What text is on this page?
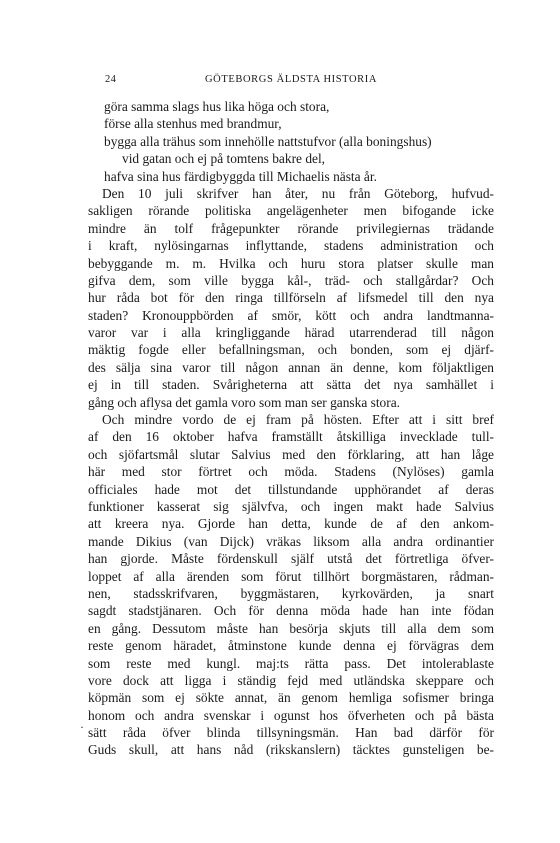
24	GÖTEBORGS ÄLDSTA HISTORIA
göra samma slags hus lika höga och stora,
förse alla stenhus med brandmur,
bygga alla trähus som innehölle nattstufvor (alla boningshus)
vid gatan och ej på tomtens bakre del,
hafva sina hus färdigbyggda till Michaelis nästa år.
Den 10 juli skrifver han åter, nu från Göteborg, hufvud-
sakligen rörande politiska angelägenheter men bifogande icke
mindre än tolf frågepunkter rörande privilegiernas trädande
i kraft, nylösingarnas inflyttande, stadens administration och
bebyggande m. m. Hvilka och huru stora platser skulle man
gifva dem, som ville bygga kål-, träd- och stallgårdar? Och
hur råda bot för den ringa tillförseln af lifsmedel till den nya
staden? Kronouppbörden af smör, kött och andra landtmanna-
varor var i alla kringliggande härad utarrenderad till någon
mäktig fogde eller befallningsman, och bonden, som ej djärf-
des sälja sina varor till någon annan än denne, kom följaktligen
ej in till staden. Svårigheterna att sätta det nya samhället i
gång och aflysa det gamla voro som man ser ganska stora.
Och mindre vordo de ej fram på hösten. Efter att i sitt bref
af den 16 oktober hafva framställt åtskilliga invecklade tull-
och sjöfartsmål slutar Salvius med den förklaring, att han låge
här med stor förtret och möda. Stadens (Nylöses) gamla
officiales hade mot det tillstundande upphörandet af deras
funktioner kasserat sig självfva, och ingen makt hade Salvius
att kreera nya. Gjorde han detta, kunde de af den ankom-
mande Dikius (van Dijck) vräkas liksom alla andra ordinantier
han gjorde. Måste fördenskull själf utstå det förtretliga öfver-
loppet af alla ärenden som förut tillhört borgmästaren, rådman-
nen, stadsskrifvaren, byggmästaren, kyrkovärden, ja snart
sagdt stadstjänaren. Och för denna möda hade han inte födan
en gång. Dessutom måste han besörja skjuts till alla dem som
reste genom häradet, åtminstone kunde denna ej förvägras dem
som reste med kungl. maj:ts rätta pass. Det intolerablaste
vore dock att ligga i ständig fejd med utländska skeppare och
köpmän som ej sökte annat, än genom hemliga sofismer bringa
honom och andra svenskar i ogunst hos öfverheten och på bästa
sätt råda öfver blinda tillsyningsmän. Han bad därför för
Guds skull, att hans nåd (rikskanslern) täcktes gunsteligen be-
·
